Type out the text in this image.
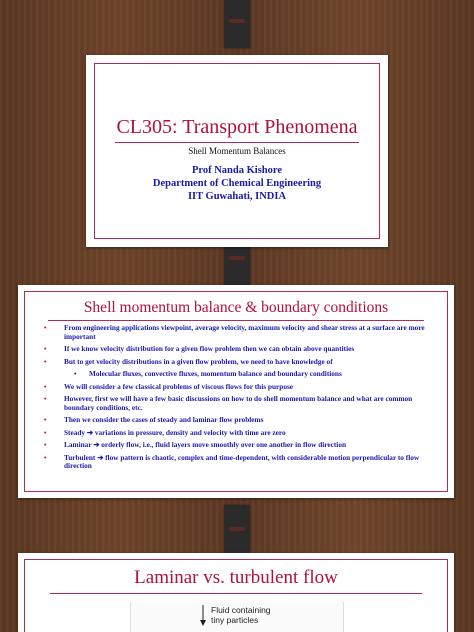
CL305: Transport Phenomena
Shell Momentum Balances
Prof Nanda Kishore
Department of Chemical Engineering
IIT Guwahati, INDIA
Shell momentum balance & boundary conditions
• From engineering applications viewpoint, average velocity, maximum velocity and shear stress at a surface are more important
• If we know velocity distribution for a given flow problem then we can obtain above quantities
• But to get velocity distributions in a given flow problem, we need to have knowledge of
• Molecular fluxes, convective fluxes, momentum balance and boundary conditions
• We will consider a few classical problems of viscous flows for this purpose
• However, first we will have a few basic discussions on how to do shell momentum balance and what are common boundary conditions, etc.
• Then we consider the cases of steady and laminar flow problems
• Steady ➔ variations in pressure, density and velocity with time are zero
• Laminar ➔ orderly flow, i.e., fluid layers move smoothly over one another in flow direction
• Turbulent ➔ flow pattern is chaotic, complex and time-dependent, with considerable motion perpendicular to flow direction
Laminar vs. turbulent flow
Fluid containing
tiny particles
